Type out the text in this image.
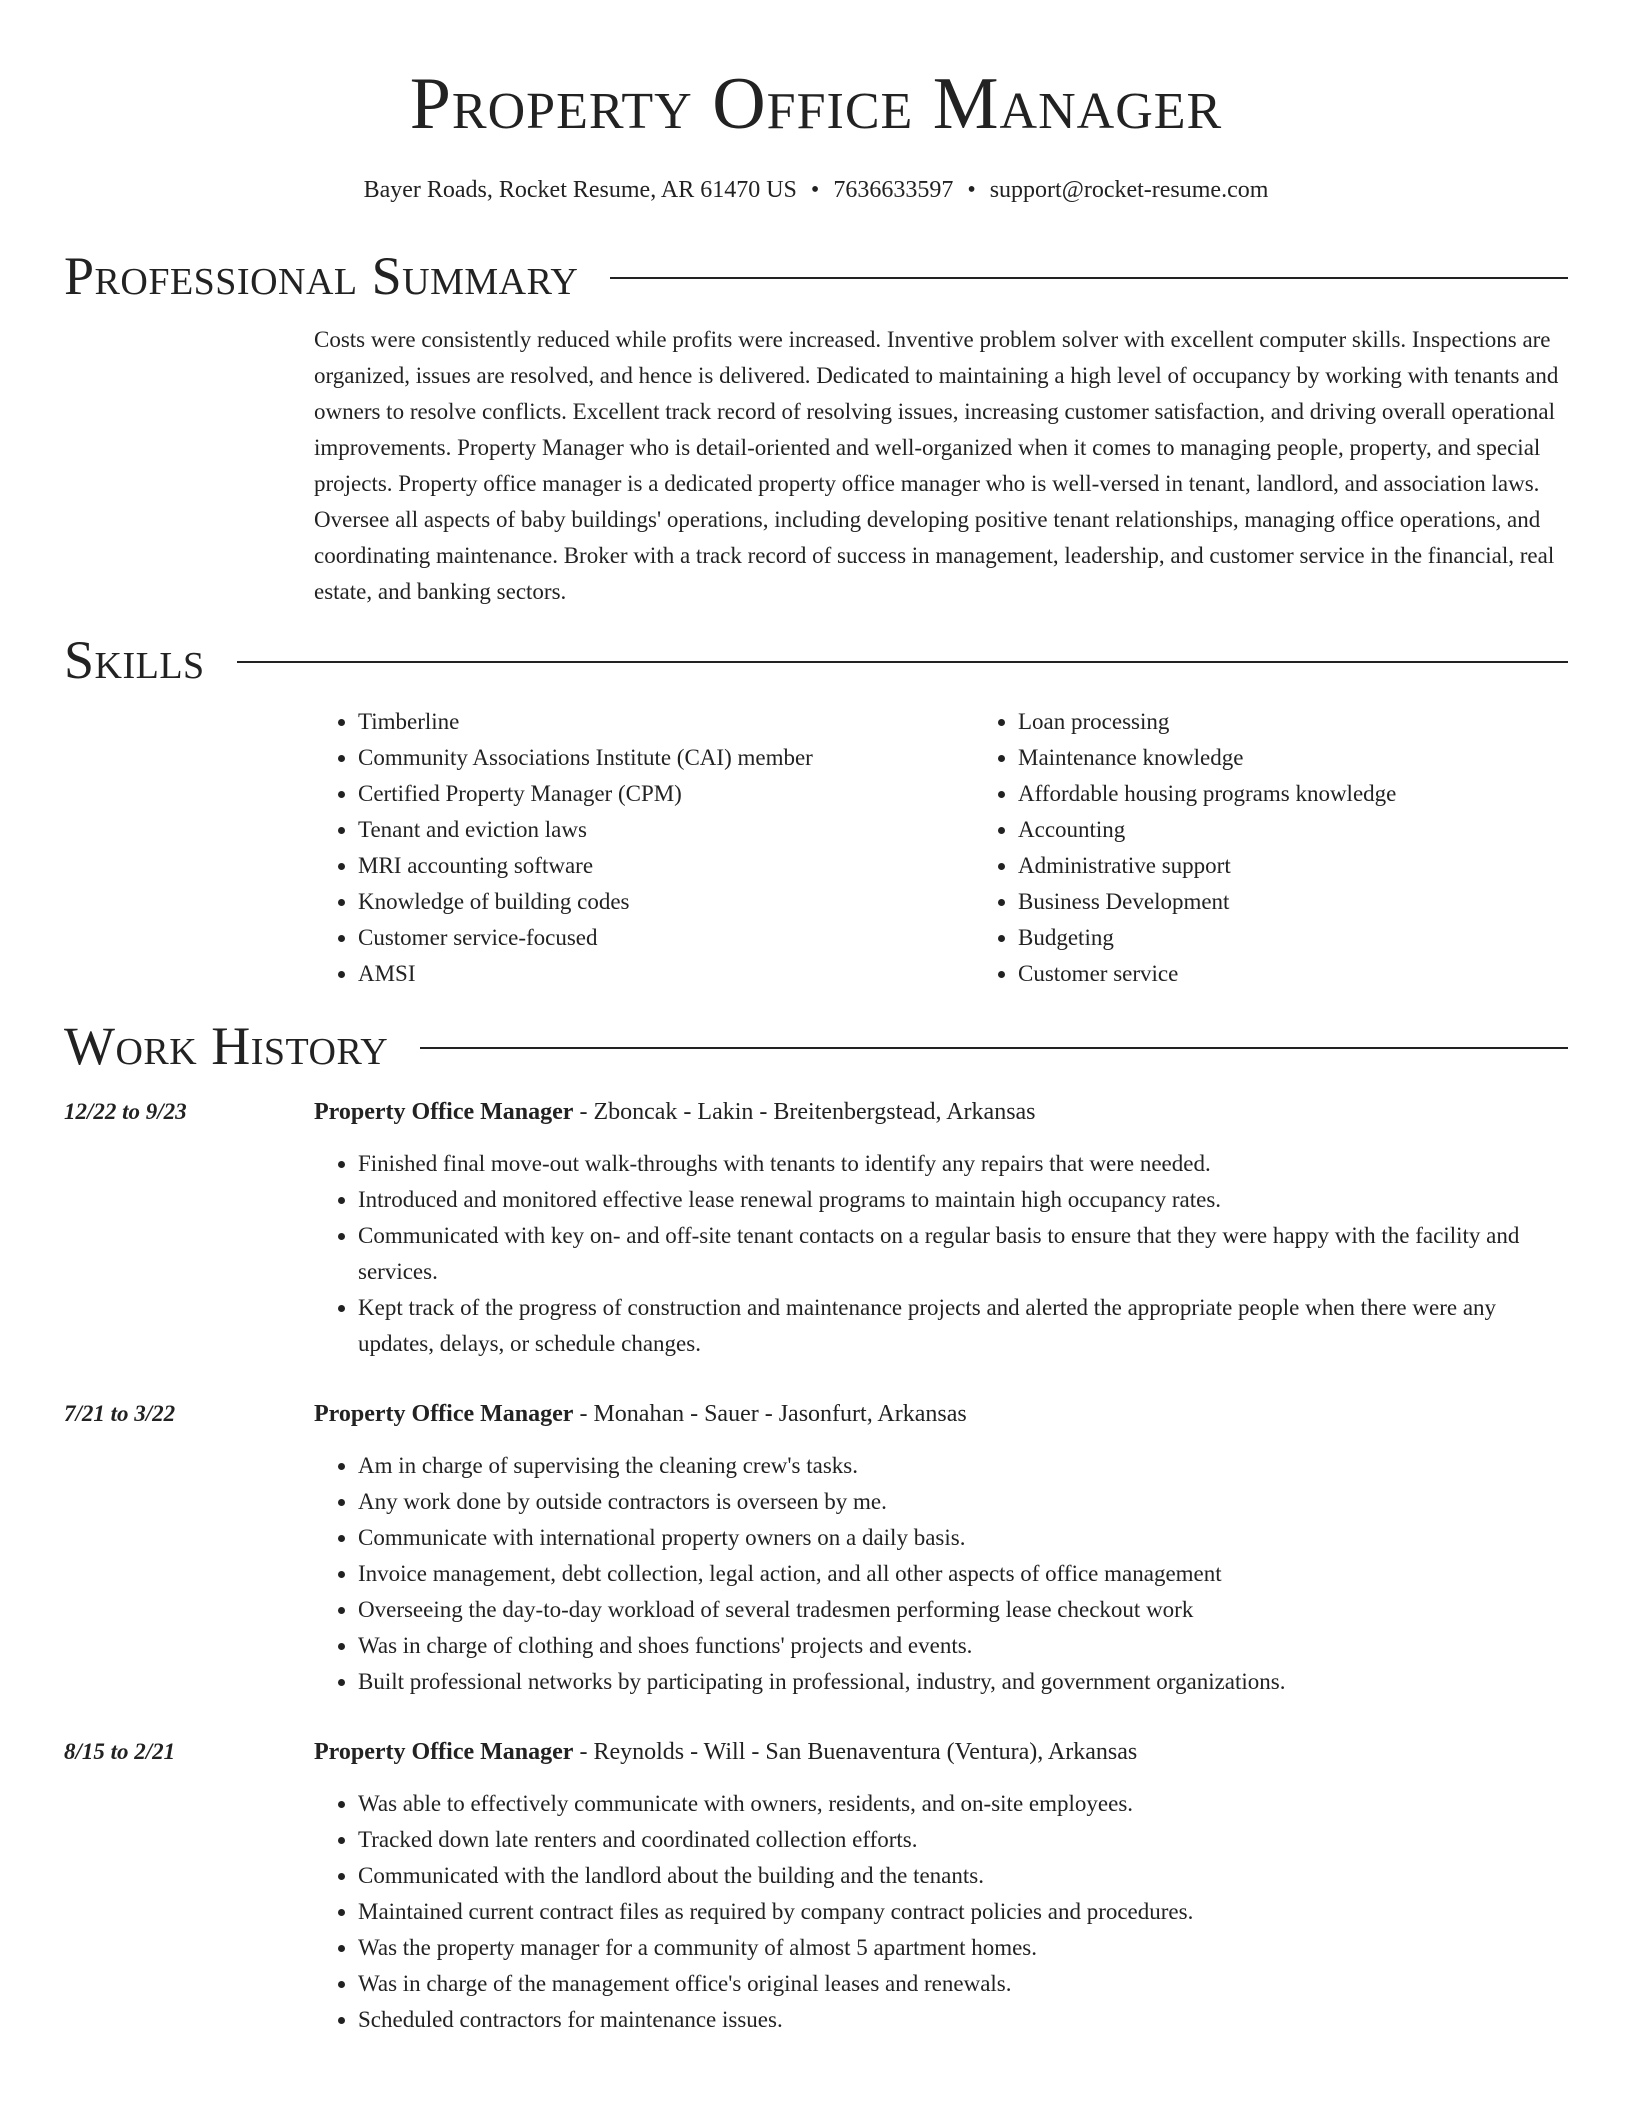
Property Office Manager
Bayer Roads, Rocket Resume, AR 61470 US • 7636633597 • support@rocket-resume.com
Professional Summary

Costs were consistently reduced while profits were increased. Inventive problem solver with excellent computer skills. Inspections are organized, issues are resolved, and hence is delivered. Dedicated to maintaining a high level of occupancy by working with tenants and owners to resolve conflicts. Excellent track record of resolving issues, increasing customer satisfaction, and driving overall operational improvements. Property Manager who is detail-oriented and well-organized when it comes to managing people, property, and special projects. Property office manager is a dedicated property office manager who is well-versed in tenant, landlord, and association laws. Oversee all aspects of baby buildings' operations, including developing positive tenant relationships, managing office operations, and coordinating maintenance. Broker with a track record of success in management, leadership, and customer service in the financial, real estate, and banking sectors.

Skills
• Timberline
• Community Associations Institute (CAI) member
• Certified Property Manager (CPM)
• Tenant and eviction laws
• MRI accounting software
• Knowledge of building codes
• Customer service-focused
• AMSI
• Loan processing
• Maintenance knowledge
• Affordable housing programs knowledge
• Accounting
• Administrative support
• Business Development
• Budgeting
• Customer service
Work History
12/22 to 9/23	Property Office Manager - Zboncak - Lakin - Breitenbergstead, Arkansas
• Finished final move-out walk-throughs with tenants to identify any repairs that were needed.
• Introduced and monitored effective lease renewal programs to maintain high occupancy rates.
• Communicated with key on- and off-site tenant contacts on a regular basis to ensure that they were happy with the facility and services.
• Kept track of the progress of construction and maintenance projects and alerted the appropriate people when there were any updates, delays, or schedule changes.
7/21 to 3/22	Property Office Manager - Monahan - Sauer - Jasonfurt, Arkansas
• Am in charge of supervising the cleaning crew's tasks.
• Any work done by outside contractors is overseen by me.
• Communicate with international property owners on a daily basis.
• Invoice management, debt collection, legal action, and all other aspects of office management
• Overseeing the day-to-day workload of several tradesmen performing lease checkout work
• Was in charge of clothing and shoes functions' projects and events.
• Built professional networks by participating in professional, industry, and government organizations.
8/15 to 2/21	Property Office Manager - Reynolds - Will - San Buenaventura (Ventura), Arkansas
• Was able to effectively communicate with owners, residents, and on-site employees.
• Tracked down late renters and coordinated collection efforts.
• Communicated with the landlord about the building and the tenants.
• Maintained current contract files as required by company contract policies and procedures.
• Was the property manager for a community of almost 5 apartment homes.
• Was in charge of the management office's original leases and renewals.
• Scheduled contractors for maintenance issues.
